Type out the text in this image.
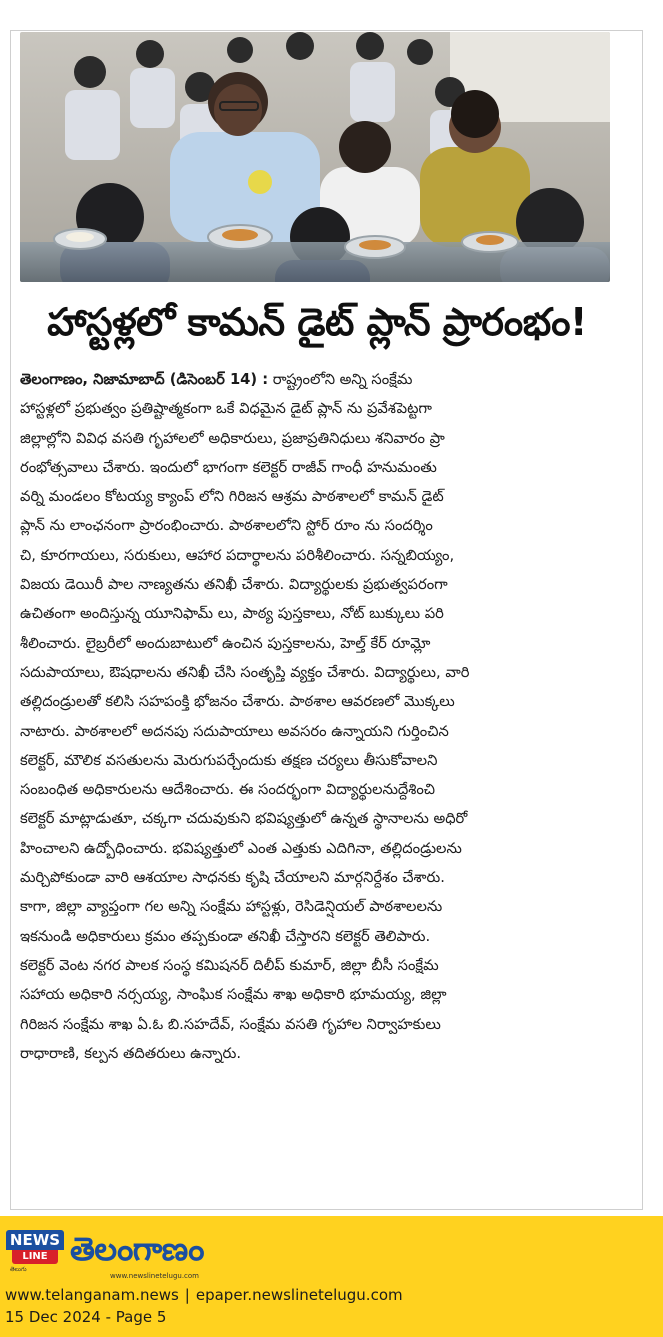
హాస్టళ్లలో కామన్ డైట్ ప్లాన్ ప్రారంభం!
తెలంగాణం, నిజామాబాద్ (డిసెంబర్ 14) : రాష్ట్రంలోని అన్ని సంక్షేమ
హాస్టళ్లలో ప్రభుత్వం ప్రతిష్టాత్మకంగా ఒకే విధమైన డైట్ ప్లాన్ ను ప్రవేశపెట్టగా
జిల్లాల్లోని వివిధ వసతి గృహాలలో అధికారులు, ప్రజాప్రతినిధులు శనివారం ప్రా
రంభోత్సవాలు చేశారు. ఇందులో భాగంగా కలెక్టర్ రాజీవ్ గాంధీ హనుమంతు
వర్ని మండలం కోటయ్య క్యాంప్ లోని గిరిజన ఆశ్రమ పాఠశాలలో కామన్ డైట్
ప్లాన్ ను లాంఛనంగా ప్రారంభించారు. పాఠశాలలోని స్టోర్ రూం ను సందర్శిం
చి, కూరగాయలు, సరుకులు, ఆహార పదార్థాలను పరిశీలించారు. సన్నబియ్యం,
విజయ డెయిరీ పాల నాణ్యతను తనిఖీ చేశారు. విద్యార్థులకు ప్రభుత్వపరంగా
ఉచితంగా అందిస్తున్న యూనిఫామ్ లు, పాఠ్య పుస్తకాలు, నోట్ బుక్కులు పరి
శీలించారు. లైబ్రరీలో అందుబాటులో ఉంచిన పుస్తకాలను, హెల్త్ కేర్ రూమ్లో
సదుపాయాలు, ఔషధాలను తనిఖీ చేసి సంతృప్తి వ్యక్తం చేశారు. విద్యార్థులు, వారి
తల్లిదండ్రులతో కలిసి సహపంక్తి భోజనం చేశారు. పాఠశాల ఆవరణలో మొక్కలు
నాటారు. పాఠశాలలో అదనపు సదుపాయాలు అవసరం ఉన్నాయని గుర్తించిన
కలెక్టర్, మౌలిక వసతులను మెరుగుపర్చేందుకు తక్షణ చర్యలు తీసుకోవాలని
సంబంధిత అధికారులను ఆదేశించారు. ఈ సందర్భంగా విద్యార్థులనుద్దేశించి
కలెక్టర్ మాట్లాడుతూ, చక్కగా చదువుకుని భవిష్యత్తులో ఉన్నత స్థానాలను అధిరో
హించాలని ఉద్బోధించారు. భవిష్యత్తులో ఎంత ఎత్తుకు ఎదిగినా, తల్లిదండ్రులను
మర్చిపోకుండా వారి ఆశయాల సాధనకు కృషి చేయాలని మార్గనిర్దేశం చేశారు.
కాగా, జిల్లా వ్యాప్తంగా గల అన్ని సంక్షేమ హాస్టళ్లు, రెసిడెన్షియల్ పాఠశాలలను
ఇకనుండి అధికారులు క్రమం తప్పకుండా తనిఖీ చేస్తారని కలెక్టర్ తెలిపారు.
కలెక్టర్ వెంట నగర పాలక సంస్థ కమిషనర్ దిలీప్ కుమార్, జిల్లా బీసీ సంక్షేమ
సహాయ అధికారి నర్సయ్య, సాంఘిక సంక్షేమ శాఖ అధికారి భూమయ్య, జిల్లా
గిరిజన సంక్షేమ శాఖ ఏ.ఓ బి.సహదేవ్, సంక్షేమ వసతి గృహాల నిర్వాహకులు
రాధారాణి, కల్పన తదితరులు ఉన్నారు.
NEWS
LINE
తెలుగు
తెలంగాణం
www.newslinetelugu.com
www.telanganam.news | epaper.newslinetelugu.com
15 Dec 2024 - Page 5
